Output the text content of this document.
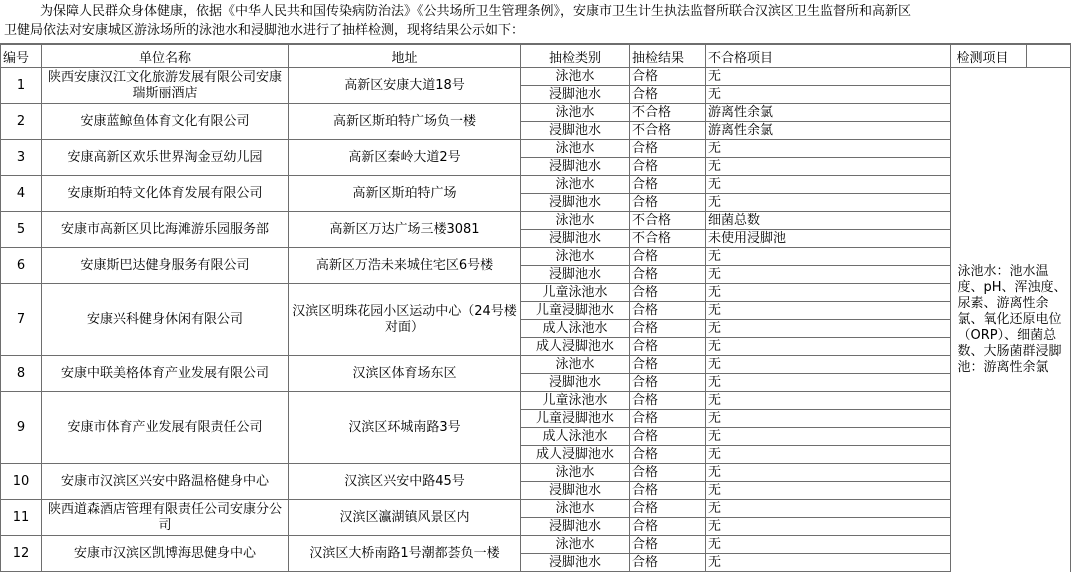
为保障人民群众身体健康，依据《中华人民共和国传染病防治法》《公共场所卫生管理条例》，安康市卫生计生执法监督所联合汉滨区卫生监督所和高新区
卫健局依法对安康城区游泳场所的泳池水和浸脚池水进行了抽样检测，现将结果公示如下：
编号	单位名称	地址	抽检类别	抽检结果	不合格项目		检测项目	
1	陕西安康汉江文化旅游发展有限公司安康瑞斯丽酒店	高新区安康大道18号	泳池水	合格	无		泳池水：池水温度、pH、浑浊度、尿素、游离性余氯、氧化还原电位（ORP）、细菌总数、大肠菌群浸脚池：游离性余氯	
			浸脚池水	合格	无			
2	安康蓝鲸鱼体育文化有限公司	高新区斯珀特广场负一楼	泳池水	不合格	游离性余氯			
			浸脚池水	不合格	游离性余氯			
3	安康高新区欢乐世界淘金豆幼儿园	高新区秦岭大道2号	泳池水	合格	无			
			浸脚池水	合格	无			
4	安康斯珀特文化体育发展有限公司	高新区斯珀特广场	泳池水	合格	无			
			浸脚池水	合格	无			
5	安康市高新区贝比海滩游乐园服务部	高新区万达广场三楼3081	泳池水	不合格	细菌总数			
			浸脚池水	不合格	未使用浸脚池			
6	安康斯巴达健身服务有限公司	高新区万浩未来城住宅区6号楼	泳池水	合格	无			
			浸脚池水	合格	无			
7	安康兴科健身休闲有限公司	汉滨区明珠花园小区运动中心（24号楼对面）	儿童泳池水	合格	无			
			儿童浸脚池水	合格	无			
			成人泳池水	合格	无			
			成人浸脚池水	合格	无			
8	安康中联美格体育产业发展有限公司	汉滨区体育场东区	泳池水	合格	无			
			浸脚池水	合格	无			
9	安康市体育产业发展有限责任公司	汉滨区环城南路3号	儿童泳池水	合格	无			
			儿童浸脚池水	合格	无			
			成人泳池水	合格	无			
			成人浸脚池水	合格	无			
10	安康市汉滨区兴安中路温格健身中心	汉滨区兴安中路45号	泳池水	合格	无			
			浸脚池水	合格	无			
11	陕西道森酒店管理有限责任公司安康分公司	汉滨区瀛湖镇风景区内	泳池水	合格	无			
			浸脚池水	合格	无			
12	安康市汉滨区凯博海思健身中心	汉滨区大桥南路1号潮都荟负一楼	泳池水	合格	无			
			浸脚池水	合格	无			
